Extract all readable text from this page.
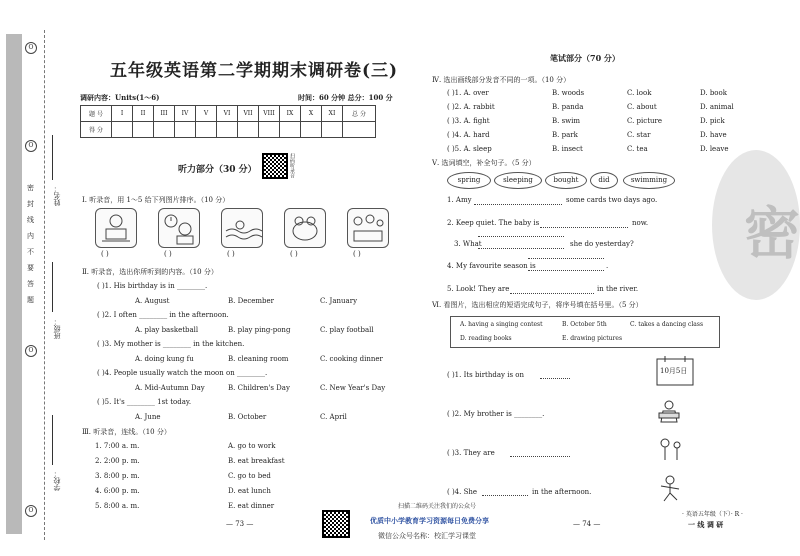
姓名：
班级：
学校：
O
O
O
O
密
封
线
内
不
要
答
题
五年级英语第二学期期末调研卷(三)
调研内容：Units(1～6)	时间：60 分钟 总分：100 分
题 号	I	II	III	IV	V	VI	VII	VIII	IX	X	XI	总 分
得 分												
听力部分（30 分）	扫码听录音
Ⅰ. 听录音，用 1～5 给下列图片排序。（10 分）
( )	( )	( )	( )	( )
Ⅱ. 听录音，选出你所听到的内容。（10 分）
( )1. His birthday is in ________.
A. August	B. December	C. January
( )2. I often ________ in the afternoon.
A. play basketball	B. play ping-pong	C. play football
( )3. My mother is ________ in the kitchen.
A. doing kung fu	B. cleaning room	C. cooking dinner
( )4. People usually watch the moon on ________.
A. Mid-Autumn Day	B. Children's Day	C. New Year's Day
( )5. It's ________ 1st today.
A. June	B. October	C. April
Ⅲ. 听录音，连线。（10 分）
1. 7:00 a. m.
2. 2:00 p. m.
3. 8:00 p. m.
4. 6:00 p. m.
5. 8:00 a. m.
A. go to work
B. eat breakfast
C. go to bed
D. eat lunch
E. eat dinner
— 73 —
扫描二维码关注我们的公众号
优质中小学教育学习资源每日免费分享
微信公众号名称：校汇学习课堂
笔试部分（70 分）
Ⅳ. 选出画线部分发音不同的一项。（10 分）
( )1. A. over	B. woods	C. look	D. book
( )2. A. rabbit	B. panda	C. about	D. animal
( )3. A. fight	B. swim	C. picture	D. pick
( )4. A. hard	B. park	C. star	D. have
( )5. A. sleep	B. insect	C. tea	D. leave
Ⅴ. 选词填空，补全句子。（5 分）
spring	sleeping	bought	did	swimming
1. Amy	some cards two days ago.
2. Keep quiet. The baby is	now.
3. What	she do yesterday?
4. My favourite season is	.
5. Look! They are	in the river.
Ⅵ. 看图片，选出相应的短语完成句子，将序号填在括号里。（5 分）
A. having a singing contest	B. October 5th	C. takes a dancing class
D. reading books	E. drawing pictures
( )1. Its birthday is on	10月5日
( )2. My brother is ________.
( )3. They are
( )4. She	in the afternoon.
— 74 —
· 英语五年级（下）· R ·
一 线 调 研
密
